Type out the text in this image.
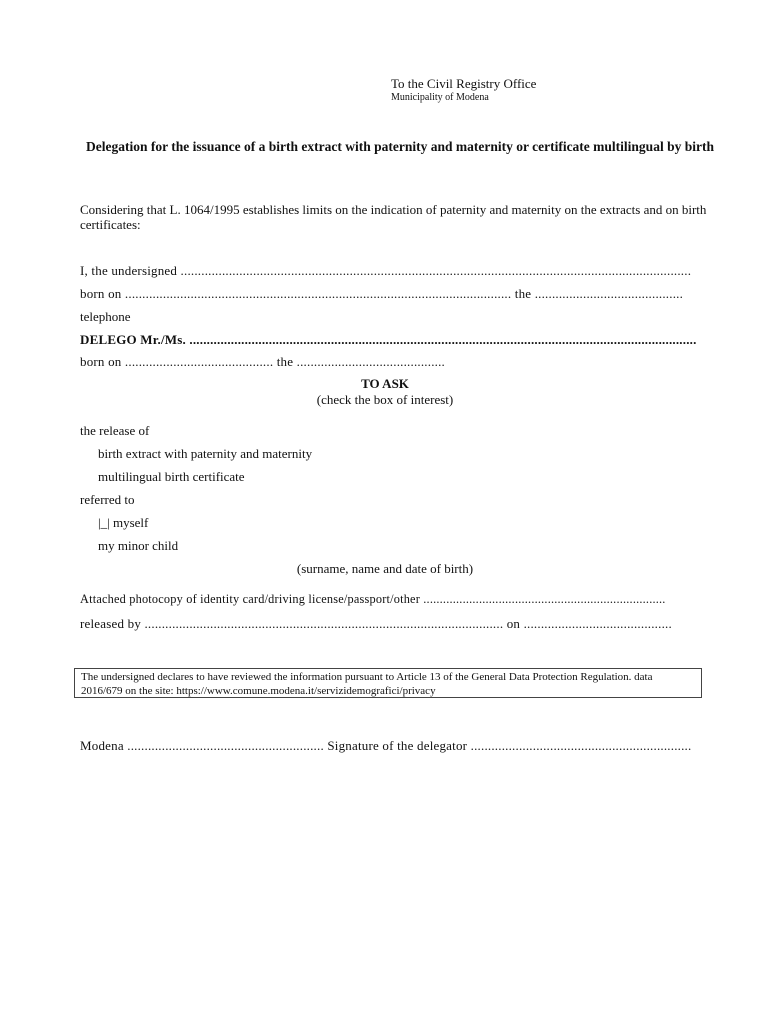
To the Civil Registry Office
Municipality of Modena
Delegation for the issuance of a birth extract with paternity and maternity or certificate multilingual by birth
Considering that L. 1064/1995 establishes limits on the indication of paternity and maternity on the extracts and on birth certificates:
I, the undersigned ....................................................................................................................................................
born on ................................................................................................................ the ...........................................
telephone
DELEGO Mr./Ms. ...................................................................................................................................................
born on ........................................... the ...........................................
TO ASK
(check the box of interest)
the release of
birth extract with paternity and maternity
multilingual birth certificate
referred to
|_| myself
my minor child
(surname, name and date of birth)
Attached photocopy of identity card/driving license/passport/other ..........................................................................
released by ........................................................................................................ on ...........................................
The undersigned declares to have reviewed the information pursuant to Article 13 of the General Data Protection Regulation. data 2016/679 on the site: https://www.comune.modena.it/servizidemografici/privacy
Modena ......................................................... Signature of the delegator ................................................................
